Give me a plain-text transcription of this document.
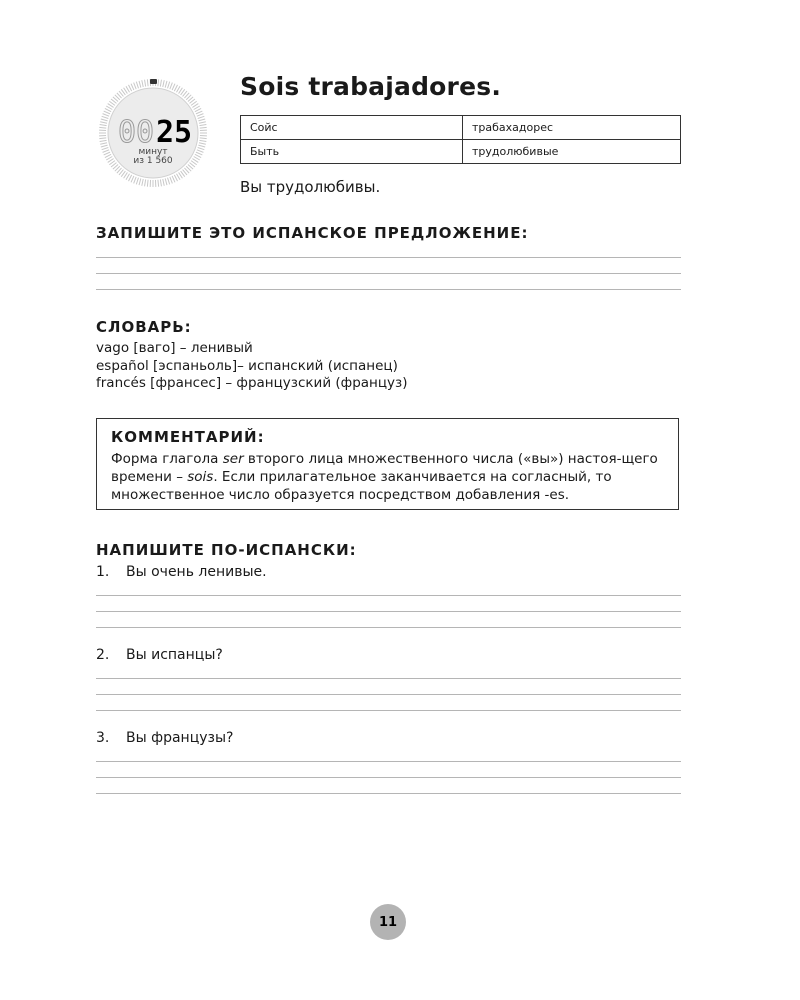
00 25
минут
из 1 560
Sois trabajadores.
Сойс	трабахадорес
Быть	трудолюбивые
Вы трудолюбивы.
ЗАПИШИТЕ ЭТО ИСПАНСКОЕ ПРЕДЛОЖЕНИЕ:
СЛОВАРЬ:
vago [ваго] – ленивый
español [эспаньоль]– испанский (испанец)
francés [франсес] – французский (француз)
КОММЕНТАРИЙ:

Форма глагола ser второго лица множественного числа («вы») настоя-щего времени – sois. Если прилагательное заканчивается на согласный, то множественное число образуется посредством добавления -es.

НАПИШИТЕ ПО-ИСПАНСКИ:
1. Вы очень ленивые.
2. Вы испанцы?
3. Вы французы?
11
